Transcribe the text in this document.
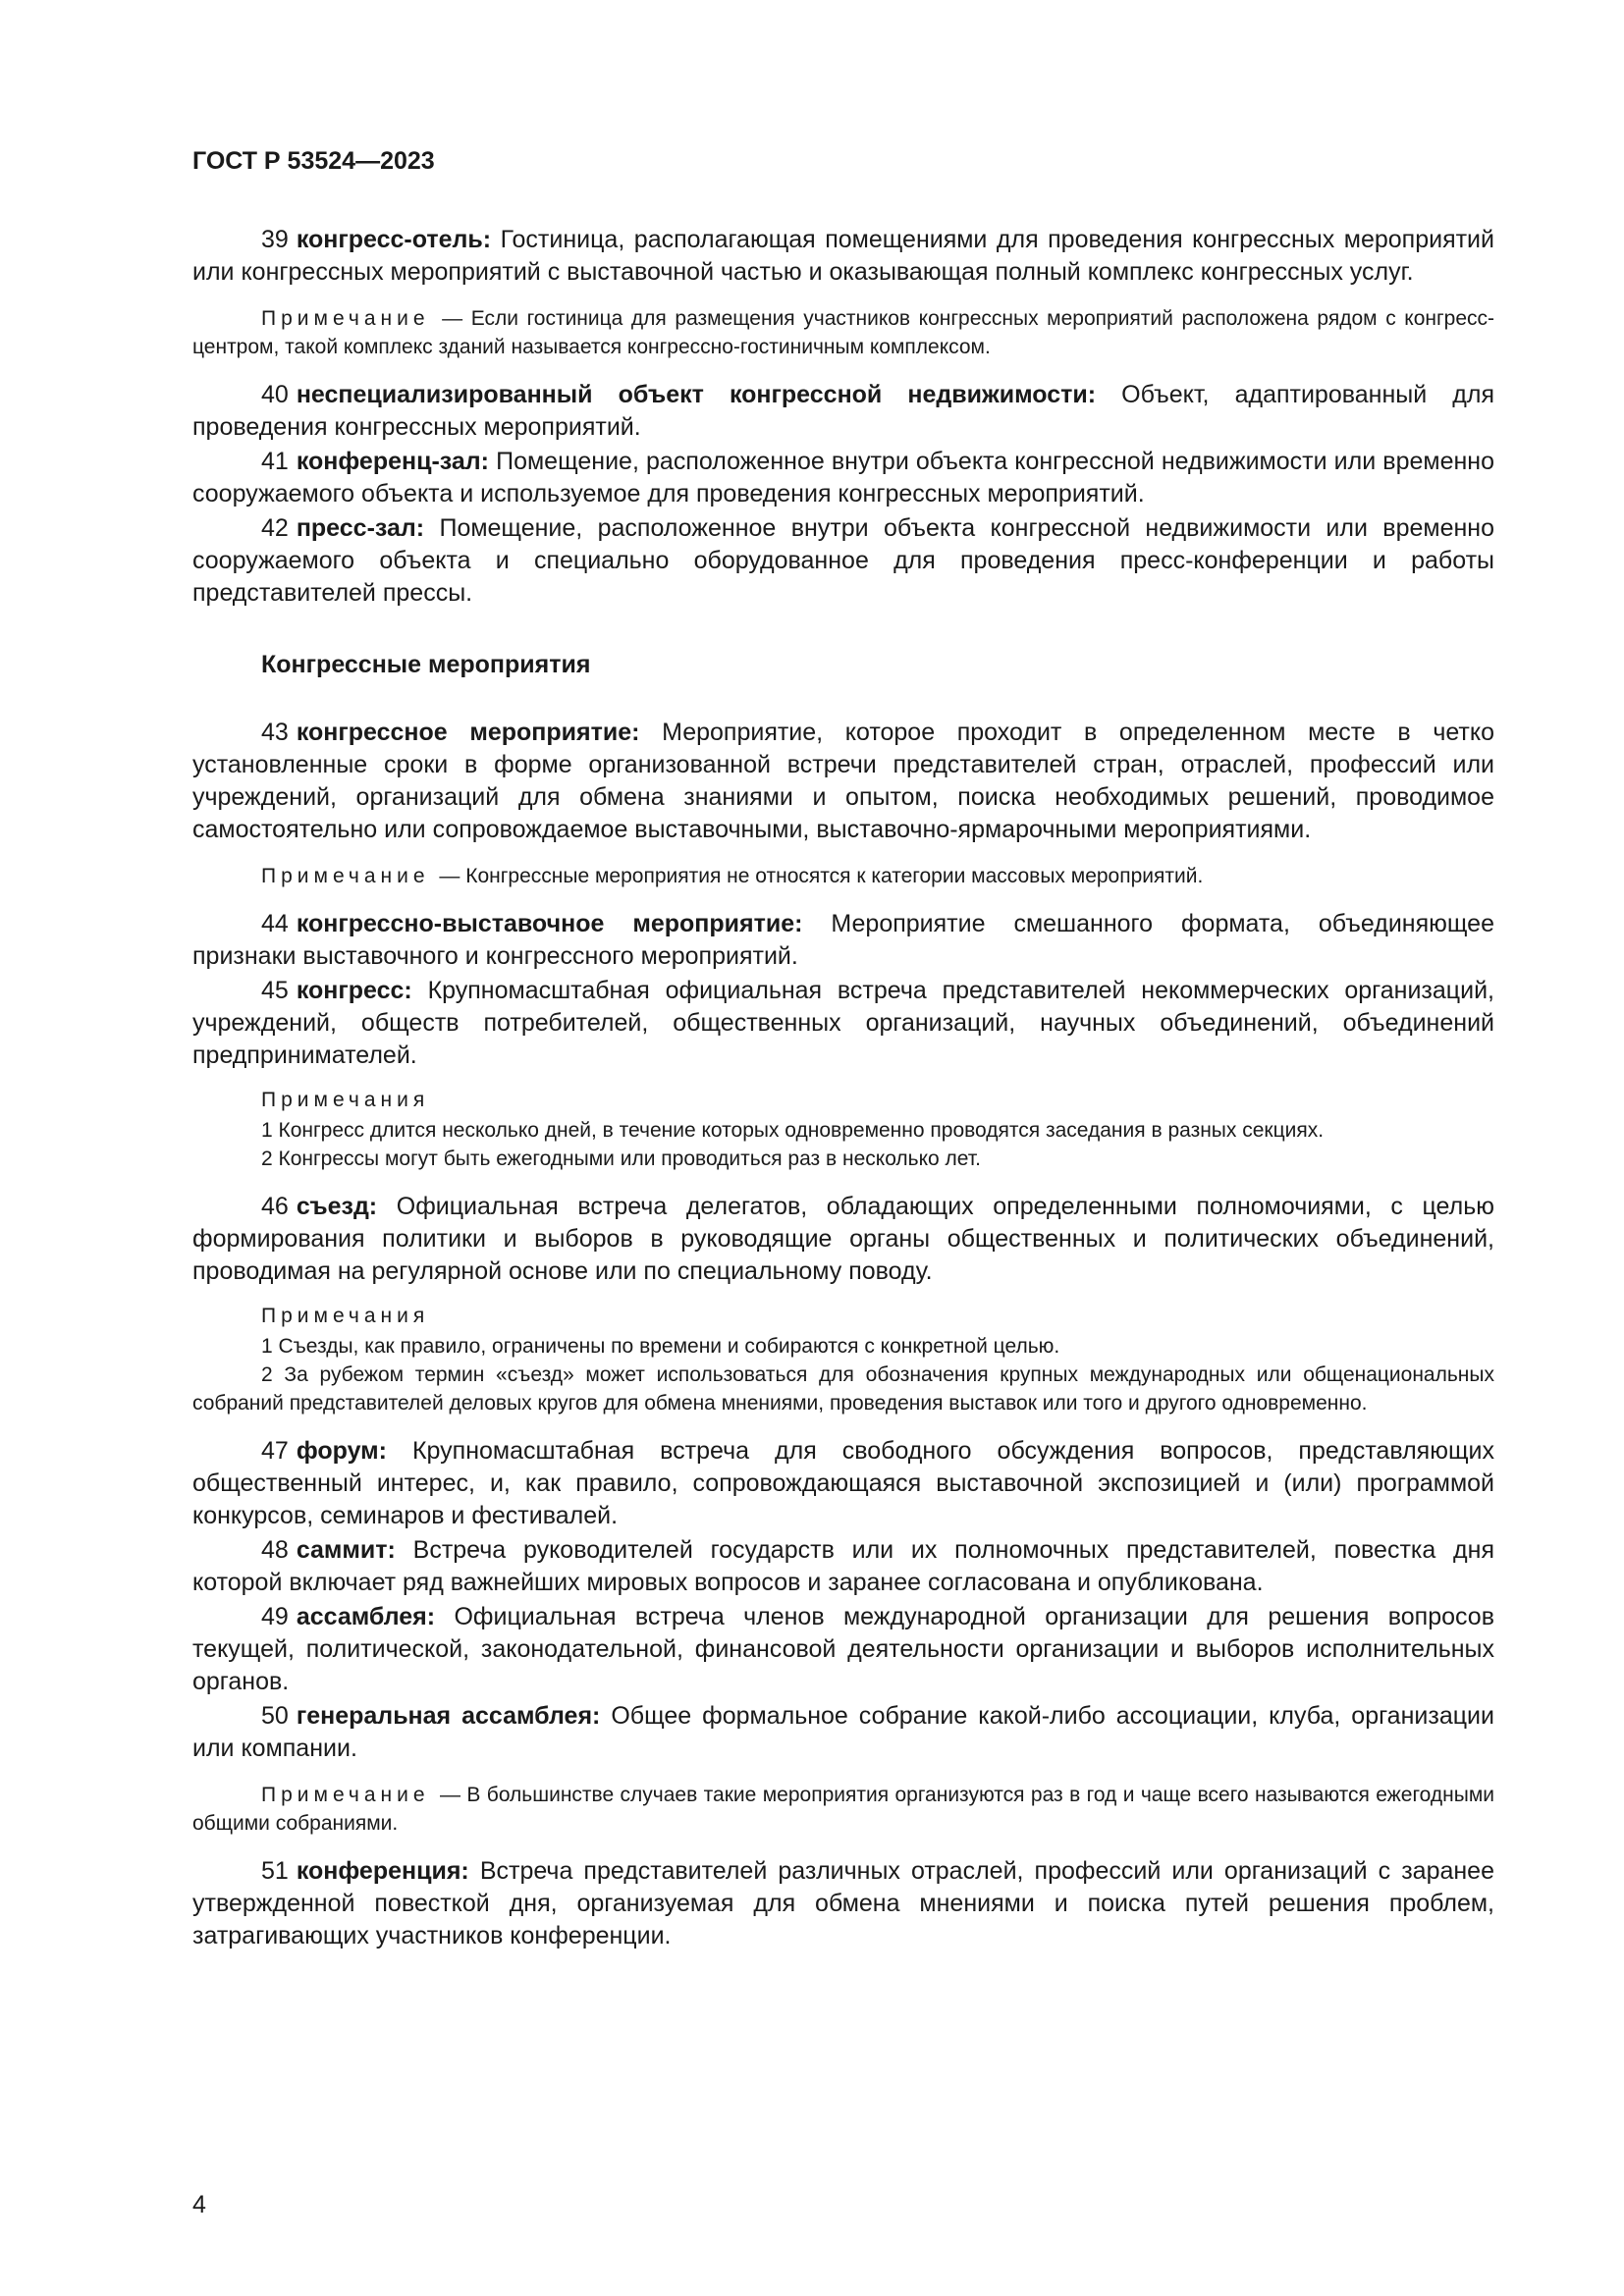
ГОСТ Р 53524—2023

39 конгресс-отель: Гостиница, располагающая помещениями для проведения конгрессных мероприятий или конгрессных мероприятий с выставочной частью и оказывающая полный комплекс конгрессных услуг.

Примечание — Если гостиница для размещения участников конгрессных мероприятий расположена рядом с конгресс-центром, такой комплекс зданий называется конгрессно-гостиничным комплексом.

40 неспециализированный объект конгрессной недвижимости: Объект, адаптированный для проведения конгрессных мероприятий.

41 конференц-зал: Помещение, расположенное внутри объекта конгрессной недвижимости или временно сооружаемого объекта и используемое для проведения конгрессных мероприятий.

42 пресс-зал: Помещение, расположенное внутри объекта конгрессной недвижимости или временно сооружаемого объекта и специально оборудованное для проведения пресс-конференции и работы представителей прессы.

Конгрессные мероприятия

43 конгрессное мероприятие: Мероприятие, которое проходит в определенном месте в четко установленные сроки в форме организованной встречи представителей стран, отраслей, профессий или учреждений, организаций для обмена знаниями и опытом, поиска необходимых решений, проводимое самостоятельно или сопровождаемое выставочными, выставочно-ярмарочными мероприятиями.

Примечание — Конгрессные мероприятия не относятся к категории массовых мероприятий.

44 конгрессно-выставочное мероприятие: Мероприятие смешанного формата, объединяющее признаки выставочного и конгрессного мероприятий.

45 конгресс: Крупномасштабная официальная встреча представителей некоммерческих организаций, учреждений, обществ потребителей, общественных организаций, научных объединений, объединений предпринимателей.

Примечания

1 Конгресс длится несколько дней, в течение которых одновременно проводятся заседания в разных секциях.

2 Конгрессы могут быть ежегодными или проводиться раз в несколько лет.

46 съезд: Официальная встреча делегатов, обладающих определенными полномочиями, с целью формирования политики и выборов в руководящие органы общественных и политических объединений, проводимая на регулярной основе или по специальному поводу.

Примечания

1 Съезды, как правило, ограничены по времени и собираются с конкретной целью.

2 За рубежом термин «съезд» может использоваться для обозначения крупных международных или общенациональных собраний представителей деловых кругов для обмена мнениями, проведения выставок или того и другого одновременно.

47 форум: Крупномасштабная встреча для свободного обсуждения вопросов, представляющих общественный интерес, и, как правило, сопровождающаяся выставочной экспозицией и (или) программой конкурсов, семинаров и фестивалей.

48 саммит: Встреча руководителей государств или их полномочных представителей, повестка дня которой включает ряд важнейших мировых вопросов и заранее согласована и опубликована.

49 ассамблея: Официальная встреча членов международной организации для решения вопросов текущей, политической, законодательной, финансовой деятельности организации и выборов исполнительных органов.

50 генеральная ассамблея: Общее формальное собрание какой-либо ассоциации, клуба, организации или компании.

Примечание — В большинстве случаев такие мероприятия организуются раз в год и чаще всего называются ежегодными общими собраниями.

51 конференция: Встреча представителей различных отраслей, профессий или организаций с заранее утвержденной повесткой дня, организуемая для обмена мнениями и поиска путей решения проблем, затрагивающих участников конференции.

4
